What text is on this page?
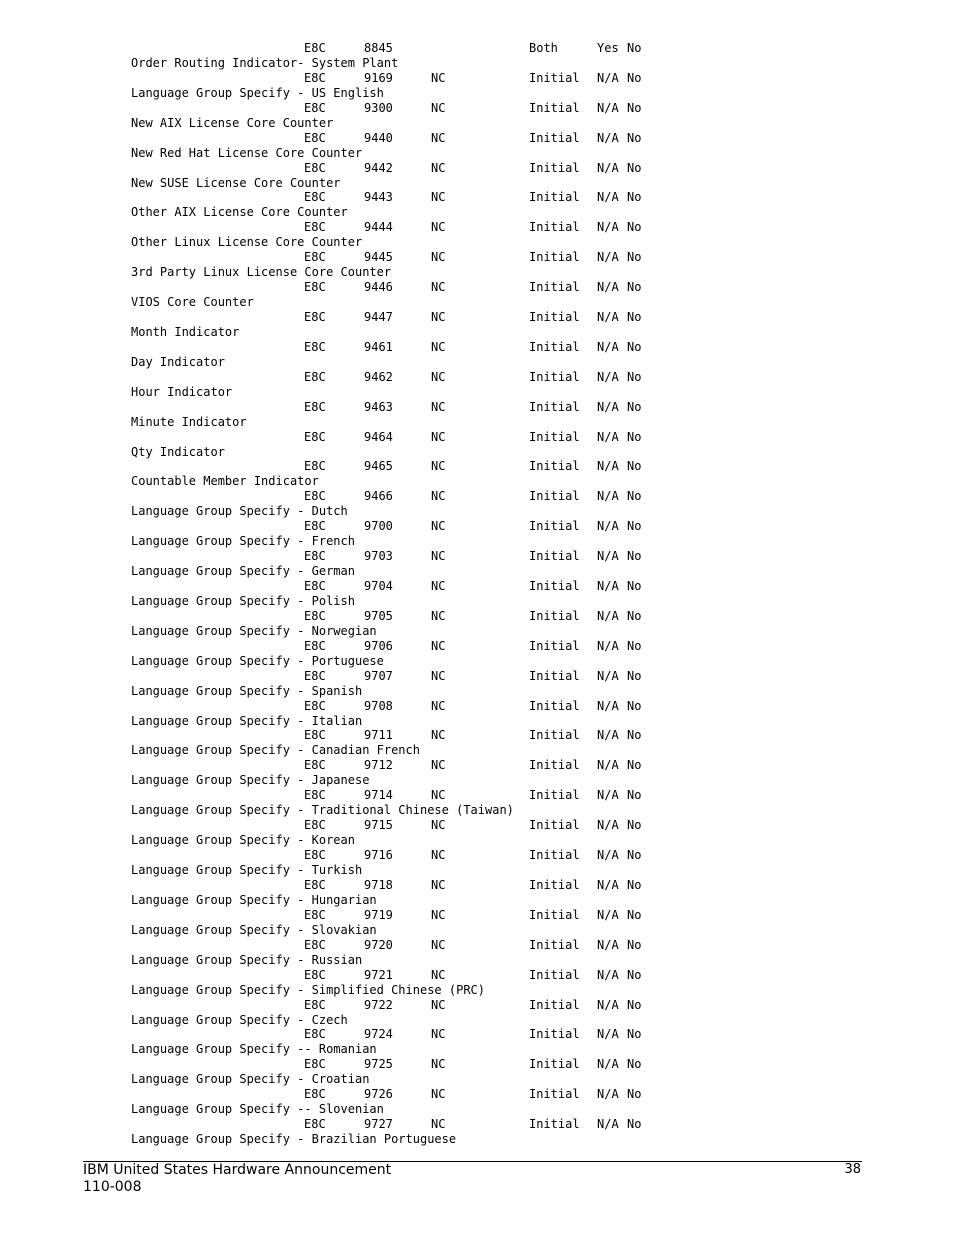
E8C	8845	Both	Yes No
Order Routing Indicator- System Plant
E8C	9169	NC	Initial N/A No
Language Group Specify - US English
E8C	9300	NC	Initial N/A No
New AIX License Core Counter
E8C	9440	NC	Initial N/A No
New Red Hat License Core Counter
E8C	9442	NC	Initial N/A No
New SUSE License Core Counter
E8C	9443	NC	Initial N/A No
Other AIX License Core Counter
E8C	9444	NC	Initial N/A No
Other Linux License Core Counter
E8C	9445	NC	Initial N/A No
3rd Party Linux License Core Counter
E8C	9446	NC	Initial N/A No
VIOS Core Counter
E8C	9447	NC	Initial N/A No
Month Indicator
E8C	9461	NC	Initial N/A No
Day Indicator
E8C	9462	NC	Initial N/A No
Hour Indicator
E8C	9463	NC	Initial N/A No
Minute Indicator
E8C	9464	NC	Initial N/A No
Qty Indicator
E8C	9465	NC	Initial N/A No
Countable Member Indicator
E8C	9466	NC	Initial N/A No
Language Group Specify - Dutch
E8C	9700	NC	Initial N/A No
Language Group Specify - French
E8C	9703	NC	Initial N/A No
Language Group Specify - German
E8C	9704	NC	Initial N/A No
Language Group Specify - Polish
E8C	9705	NC	Initial N/A No
Language Group Specify - Norwegian
E8C	9706	NC	Initial N/A No
Language Group Specify - Portuguese
E8C	9707	NC	Initial N/A No
Language Group Specify - Spanish
E8C	9708	NC	Initial N/A No
Language Group Specify - Italian
E8C	9711	NC	Initial N/A No
Language Group Specify - Canadian French
E8C	9712	NC	Initial N/A No
Language Group Specify - Japanese
E8C	9714	NC	Initial N/A No
Language Group Specify - Traditional Chinese (Taiwan)
E8C	9715	NC	Initial N/A No
Language Group Specify - Korean
E8C	9716	NC	Initial N/A No
Language Group Specify - Turkish
E8C	9718	NC	Initial N/A No
Language Group Specify - Hungarian
E8C	9719	NC	Initial N/A No
Language Group Specify - Slovakian
E8C	9720	NC	Initial N/A No
Language Group Specify - Russian
E8C	9721	NC	Initial N/A No
Language Group Specify - Simplified Chinese (PRC)
E8C	9722	NC	Initial N/A No
Language Group Specify - Czech
E8C	9724	NC	Initial N/A No
Language Group Specify -- Romanian
E8C	9725	NC	Initial N/A No
Language Group Specify - Croatian
E8C	9726	NC	Initial N/A No
Language Group Specify -- Slovenian
E8C	9727	NC	Initial N/A No
Language Group Specify - Brazilian Portuguese
IBM United States Hardware Announcement
110-008
38
